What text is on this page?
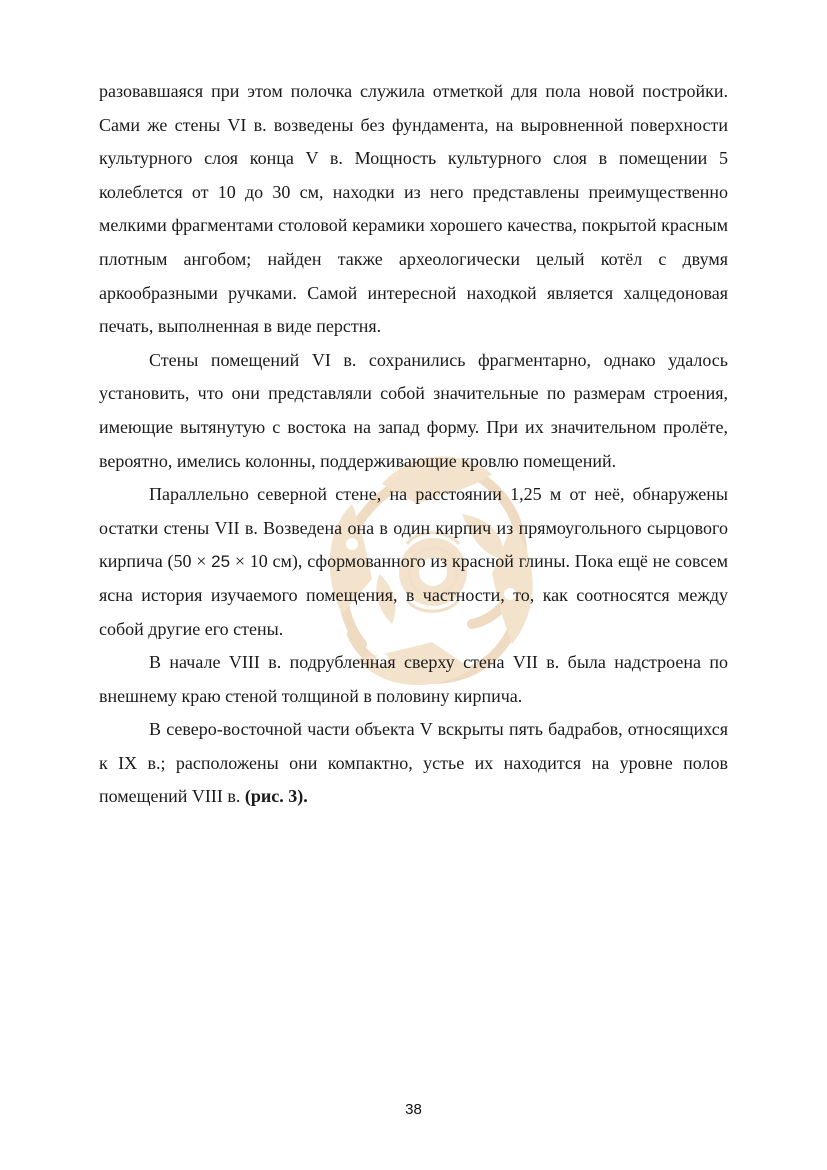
разовавшаяся при этом полочка служила отметкой для пола новой постройки. Сами же стены VI в. возведены без фундамента, на выровненной поверхности культурного слоя конца V в. Мощность культурного слоя в помещении 5 колеблется от 10 до 30 см, находки из него представлены преимущественно мелкими фрагментами столовой керамики хорошего качества, покрытой красным плотным ангобом; найден также археологически целый котёл с двумя аркообразными ручками. Самой интересной находкой является халцедоновая печать, выполненная в виде перстня.

Стены помещений VI в. сохранились фрагментарно, однако удалось установить, что они представляли собой значительные по размерам строения, имеющие вытянутую с востока на запад форму. При их значительном пролёте, вероятно, имелись колонны, поддерживающие кровлю помещений.

Параллельно северной стене, на расстоянии 1,25 м от неё, обнаружены остатки стены VII в. Возведена она в один кирпич из прямоугольного сырцового кирпича (50 × 25 × 10 см), сформованного из красной глины. Пока ещё не совсем ясна история изучаемого помещения, в частности, то, как соотносятся между собой другие его стены.

В начале VIII в. подрубленная сверху стена VII в. была надстроена по внешнему краю стеной толщиной в половину кирпича.

В северо-восточной части объекта V вскрыты пять бадрабов, относящихся к IX в.; расположены они компактно, устье их находится на уровне полов помещений VIII в. (рис. 3).

38
